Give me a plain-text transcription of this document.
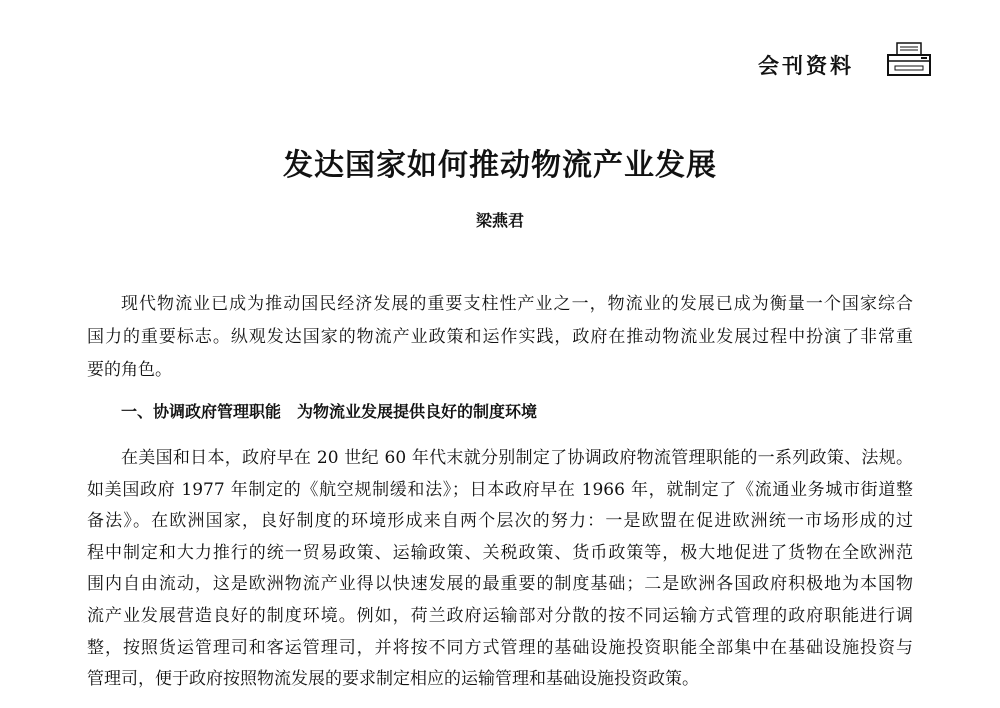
会刊资料
发达国家如何推动物流产业发展
梁燕君
现代物流业已成为推动国民经济发展的重要支柱性产业之一，物流业的发展已成为衡量一个国家综合
国力的重要标志。纵观发达国家的物流产业政策和运作实践，政府在推动物流业发展过程中扮演了非常重
要的角色。
一、协调政府管理职能　为物流业发展提供良好的制度环境
在美国和日本，政府早在 20 世纪 60 年代末就分别制定了协调政府物流管理职能的一系列政策、法规。
如美国政府 1977 年制定的《航空规制缓和法》；日本政府早在 1966 年，就制定了《流通业务城市街道整
备法》。在欧洲国家，良好制度的环境形成来自两个层次的努力：一是欧盟在促进欧洲统一市场形成的过
程中制定和大力推行的统一贸易政策、运输政策、关税政策、货币政策等，极大地促进了货物在全欧洲范
围内自由流动，这是欧洲物流产业得以快速发展的最重要的制度基础；二是欧洲各国政府积极地为本国物
流产业发展营造良好的制度环境。例如，荷兰政府运输部对分散的按不同运输方式管理的政府职能进行调
整，按照货运管理司和客运管理司，并将按不同方式管理的基础设施投资职能全部集中在基础设施投资与
管理司，便于政府按照物流发展的要求制定相应的运输管理和基础设施投资政策。
